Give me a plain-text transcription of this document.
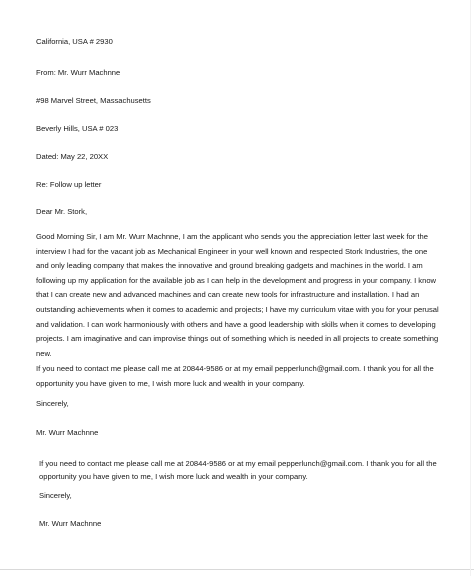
California, USA # 2930
From: Mr. Wurr Machnne
#98 Marvel Street, Massachusetts
Beverly Hills, USA # 023
Dated: May 22, 20XX
Re: Follow up letter
Dear Mr. Stork,
Good Morning Sir, I am Mr. Wurr Machnne, I am the applicant who sends you the appreciation letter last week for the interview I had for the vacant job as Mechanical Engineer in your well known and respected Stork Industries, the one and only leading company that makes the innovative and ground breaking gadgets and machines in the world. I am following up my application for the available job as I can help in the development and progress in your company. I know that I can create new and advanced machines and can create new tools for infrastructure and installation. I had an outstanding achievements when it comes to academic and projects; I have my curriculum vitae with you for your perusal and validation. I can work harmoniously with others and have a good leadership with skills when it comes to developing projects. I am imaginative and can improvise things out of something which is needed in all projects to create something new.
If you need to contact me please call me at 20844-9586 or at my email pepperlunch@gmail.com. I thank you for all the opportunity you have given to me, I wish more luck and wealth in your company.
Sincerely,
Mr. Wurr Machnne
If you need to contact me please call me at 20844-9586 or at my email pepperlunch@gmail.com. I thank you for all the opportunity you have given to me, I wish more luck and wealth in your company.
Sincerely,
Mr. Wurr Machnne
